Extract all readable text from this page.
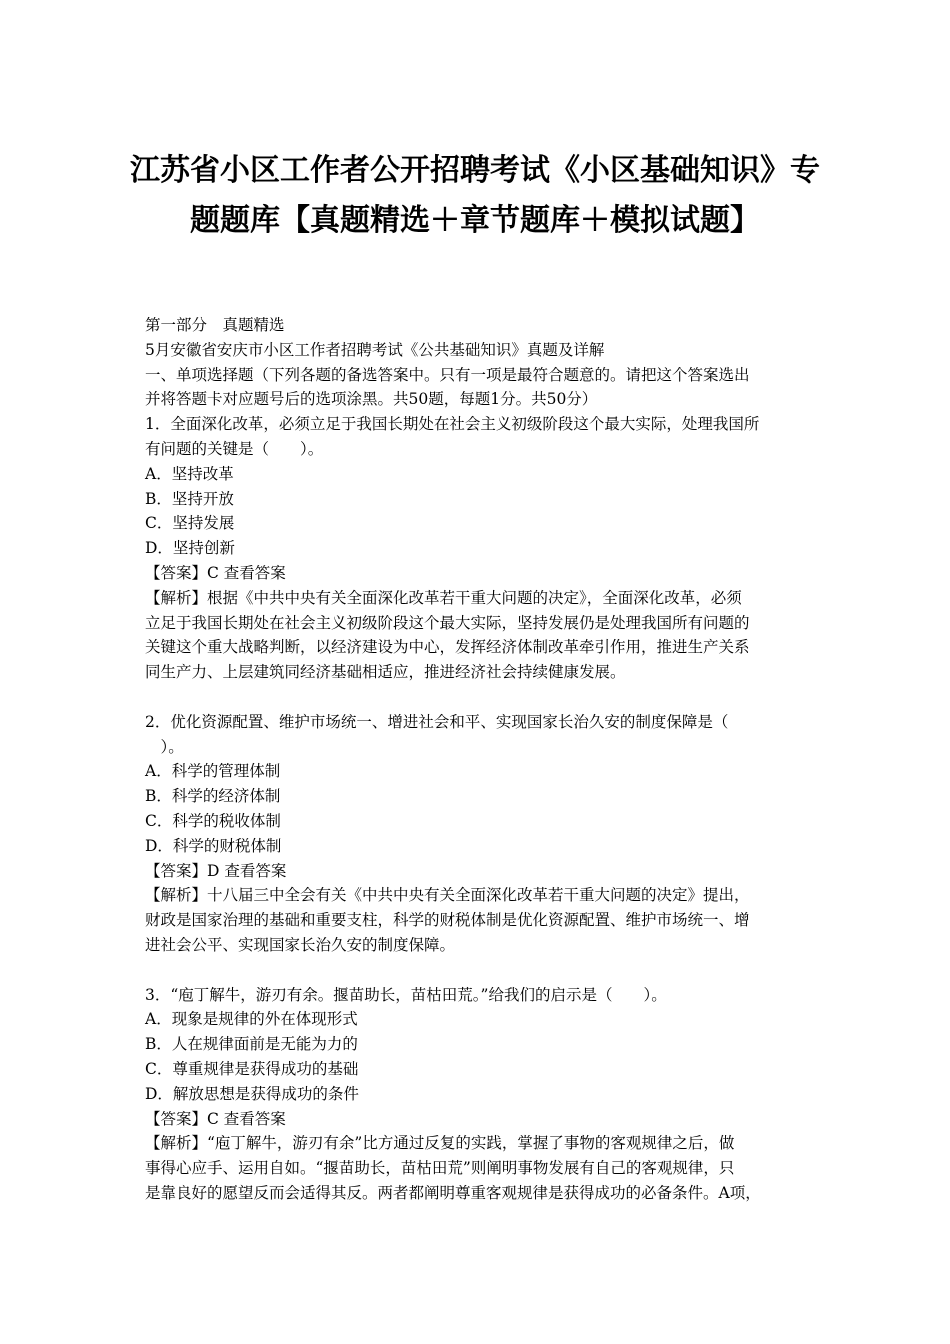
江苏省小区工作者公开招聘考试《小区基础知识》专
题题库【真题精选＋章节题库＋模拟试题】
第一部分　真题精选
5月安徽省安庆市小区工作者招聘考试《公共基础知识》真题及详解
一、单项选择题（下列各题的备选答案中。只有一项是最符合题意的。请把这个答案选出
并将答题卡对应题号后的选项涂黑。共50题，每题1分。共50分）
1．全面深化改革，必须立足于我国长期处在社会主义初级阶段这个最大实际，处理我国所
有问题的关键是（　　）。
A．坚持改革
B．坚持开放
C．坚持发展
D．坚持创新
【答案】C 查看答案
【解析】根据《中共中央有关全面深化改革若干重大问题的决定》，全面深化改革，必须
立足于我国长期处在社会主义初级阶段这个最大实际，坚持发展仍是处理我国所有问题的
关键这个重大战略判断，以经济建设为中心，发挥经济体制改革牵引作用，推进生产关系
同生产力、上层建筑同经济基础相适应，推进经济社会持续健康发展。
2．优化资源配置、维护市场统一、增进社会和平、实现国家长治久安的制度保障是（
　）。
A．科学的管理体制
B．科学的经济体制
C．科学的税收体制
D．科学的财税体制
【答案】D 查看答案
【解析】十八届三中全会有关《中共中央有关全面深化改革若干重大问题的决定》提出，
财政是国家治理的基础和重要支柱，科学的财税体制是优化资源配置、维护市场统一、增
进社会公平、实现国家长治久安的制度保障。
3．“庖丁解牛，游刃有余。揠苗助长，苗枯田荒。”给我们的启示是（　　）。
A．现象是规律的外在体现形式
B．人在规律面前是无能为力的
C．尊重规律是获得成功的基础
D．解放思想是获得成功的条件
【答案】C 查看答案
【解析】“庖丁解牛，游刃有余”比方通过反复的实践，掌握了事物的客观规律之后，做
事得心应手、运用自如。“揠苗助长，苗枯田荒”则阐明事物发展有自己的客观规律，只
是靠良好的愿望反而会适得其反。两者都阐明尊重客观规律是获得成功的必备条件。A项，
